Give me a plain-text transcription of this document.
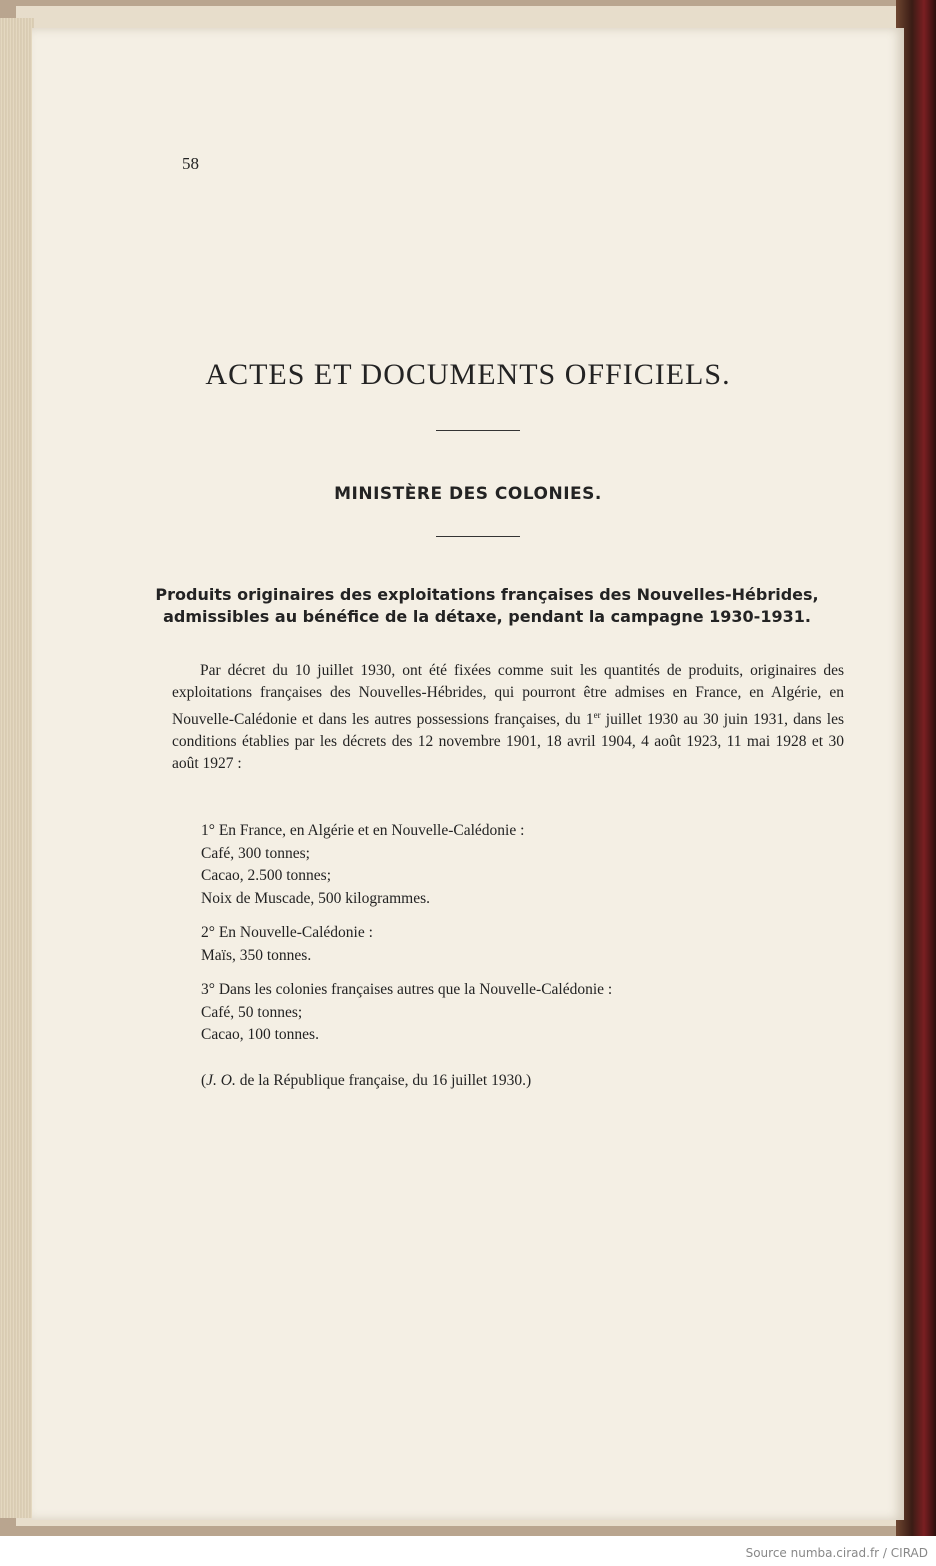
58
ACTES ET DOCUMENTS OFFICIELS.
MINISTÈRE DES COLONIES.
Produits originaires des exploitations françaises des Nouvelles-Hébrides,
admissibles au bénéfice de la détaxe, pendant la campagne 1930-1931.
Par décret du 10 juillet 1930, ont été fixées comme suit les quantités de produits, originaires des exploitations françaises des Nouvelles-Hébrides, qui pourront être admises en France, en Algérie, en Nouvelle-Calédonie et dans les autres possessions françaises, du 1er juillet 1930 au 30 juin 1931, dans les conditions établies par les décrets des 12 novembre 1901, 18 avril 1904, 4 août 1923, 11 mai 1928 et 30 août 1927 :
1° En France, en Algérie et en Nouvelle-Calédonie :
Café, 300 tonnes;
Cacao, 2.500 tonnes;
Noix de Muscade, 500 kilogrammes.
2° En Nouvelle-Calédonie :
Maïs, 350 tonnes.
3° Dans les colonies françaises autres que la Nouvelle-Calédonie :
Café, 50 tonnes;
Cacao, 100 tonnes.
(J. O. de la République française, du 16 juillet 1930.)
Source numba.cirad.fr / CIRAD
